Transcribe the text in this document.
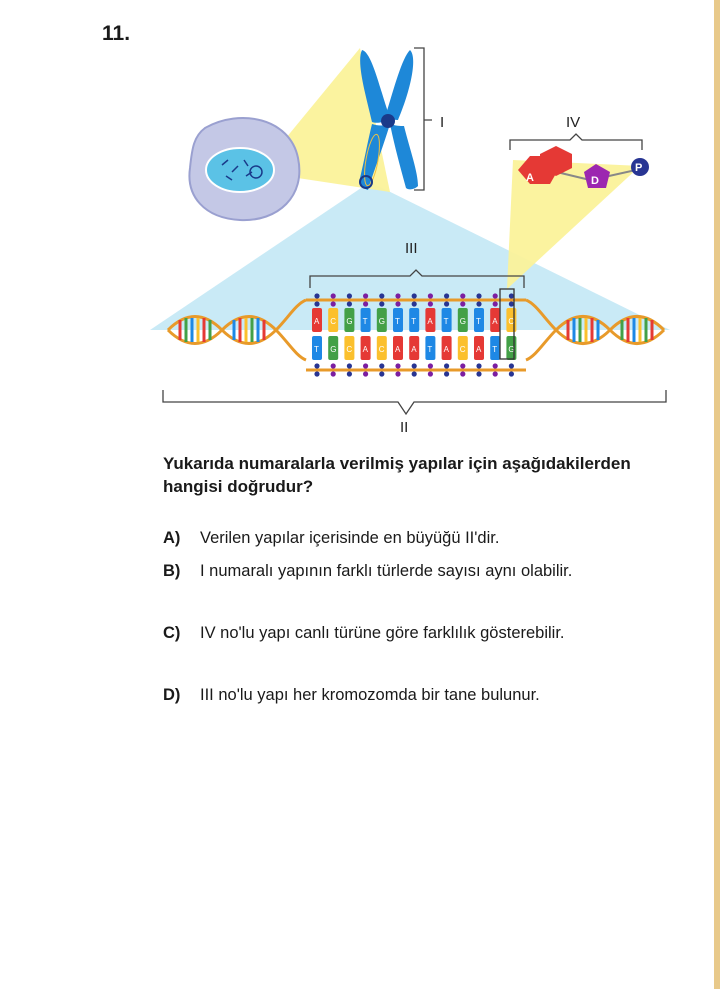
11.
I	IV
A	D
P
III
A
T
C
G
G
C
T
A
G
C
T
A
T
A
A
T
T
A
G
C
T
A
A
T
C
G
II
Yukarıda numaralarla verilmiş yapılar için aşağıdakilerden hangisi doğrudur?
A) Verilen yapılar içerisinde en büyüğü II'dir.
B) I numaralı yapının farklı türlerde sayısı aynı olabilir.
C) IV no'lu yapı canlı türüne göre farklılık gösterebilir.
D) III no'lu yapı her kromozomda bir tane bulunur.
